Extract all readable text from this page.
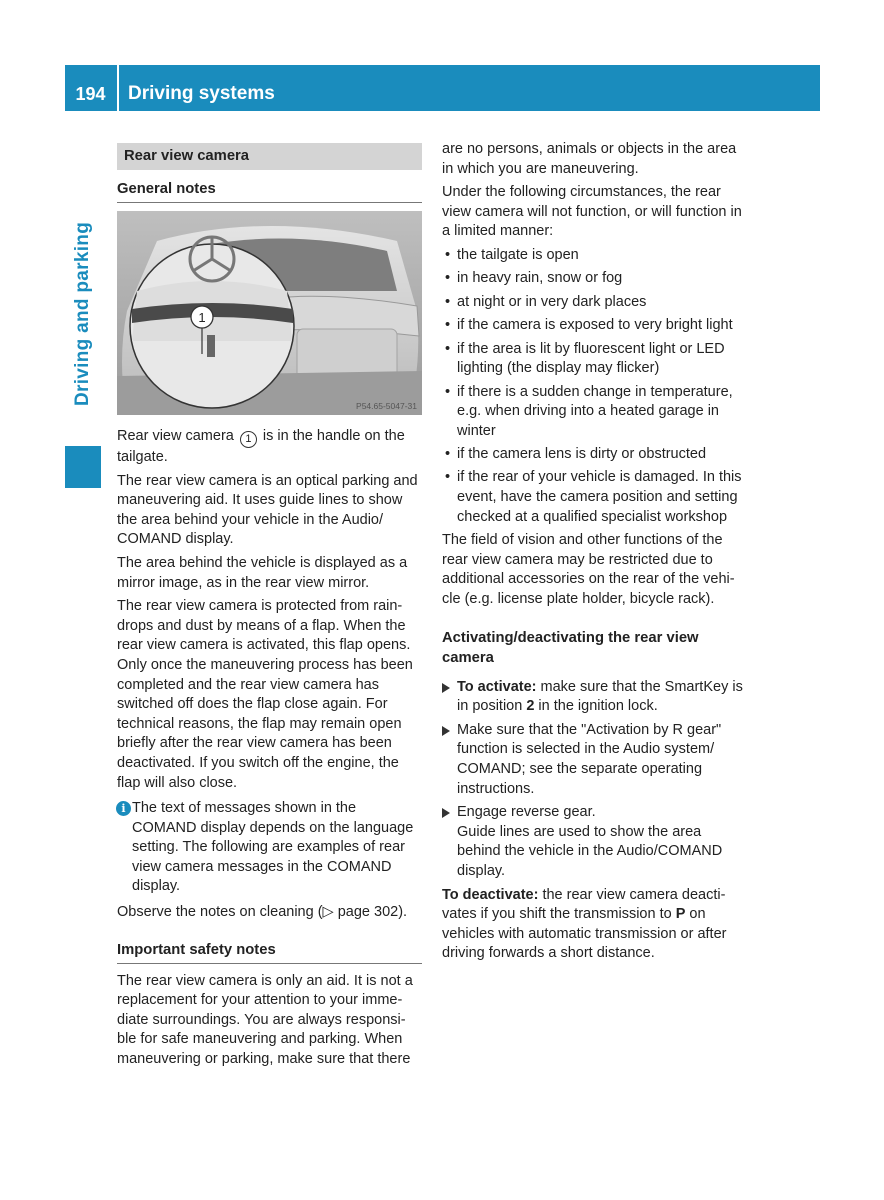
194	Driving systems
Driving and parking
Rear view camera
General notes
1
P54.65-5047-31

Rear view camera 1 is in the handle on the tailgate.

The rear view camera is an optical parking and maneuvering aid. It uses guide lines to show the area behind your vehicle in the Audio/ COMAND display.

The area behind the vehicle is displayed as a mirror image, as in the rear view mirror.

The rear view camera is protected from rain-drops and dust by means of a flap. When the rear view camera is activated, this flap opens. Only once the maneuvering process has been completed and the rear view camera has switched off does the flap close again. For technical reasons, the flap may remain open briefly after the rear view camera has been deactivated. If you switch off the engine, the flap will also close.

i The text of messages shown in the COMAND display depends on the language setting. The following are examples of rear view camera messages in the COMAND display.

Observe the notes on cleaning (▷ page 302).

Important safety notes

The rear view camera is only an aid. It is not a replacement for your attention to your imme-diate surroundings. You are always responsi-ble for safe maneuvering and parking. When maneuvering or parking, make sure that there

are no persons, animals or objects in the area in which you are maneuvering.

Under the following circumstances, the rear view camera will not function, or will function in a limited manner:

• the tailgate is open
• in heavy rain, snow or fog
• at night or in very dark places
• if the camera is exposed to very bright light
• if the area is lit by fluorescent light or LED lighting (the display may flicker)
• if there is a sudden change in temperature, e.g. when driving into a heated garage in winter
• if the camera lens is dirty or obstructed
• if the rear of your vehicle is damaged. In this event, have the camera position and setting checked at a qualified specialist workshop

The field of vision and other functions of the rear view camera may be restricted due to additional accessories on the rear of the vehi-cle (e.g. license plate holder, bicycle rack).

Activating/deactivating the rear view camera
To activate: make sure that the SmartKey is in position 2 in the ignition lock.
Make sure that the "Activation by R gear" function is selected in the Audio system/ COMAND; see the separate operating instructions.
Engage reverse gear.
Guide lines are used to show the area behind the vehicle in the Audio/COMAND display.

To deactivate: the rear view camera deacti-vates if you shift the transmission to P on vehicles with automatic transmission or after driving forwards a short distance.
